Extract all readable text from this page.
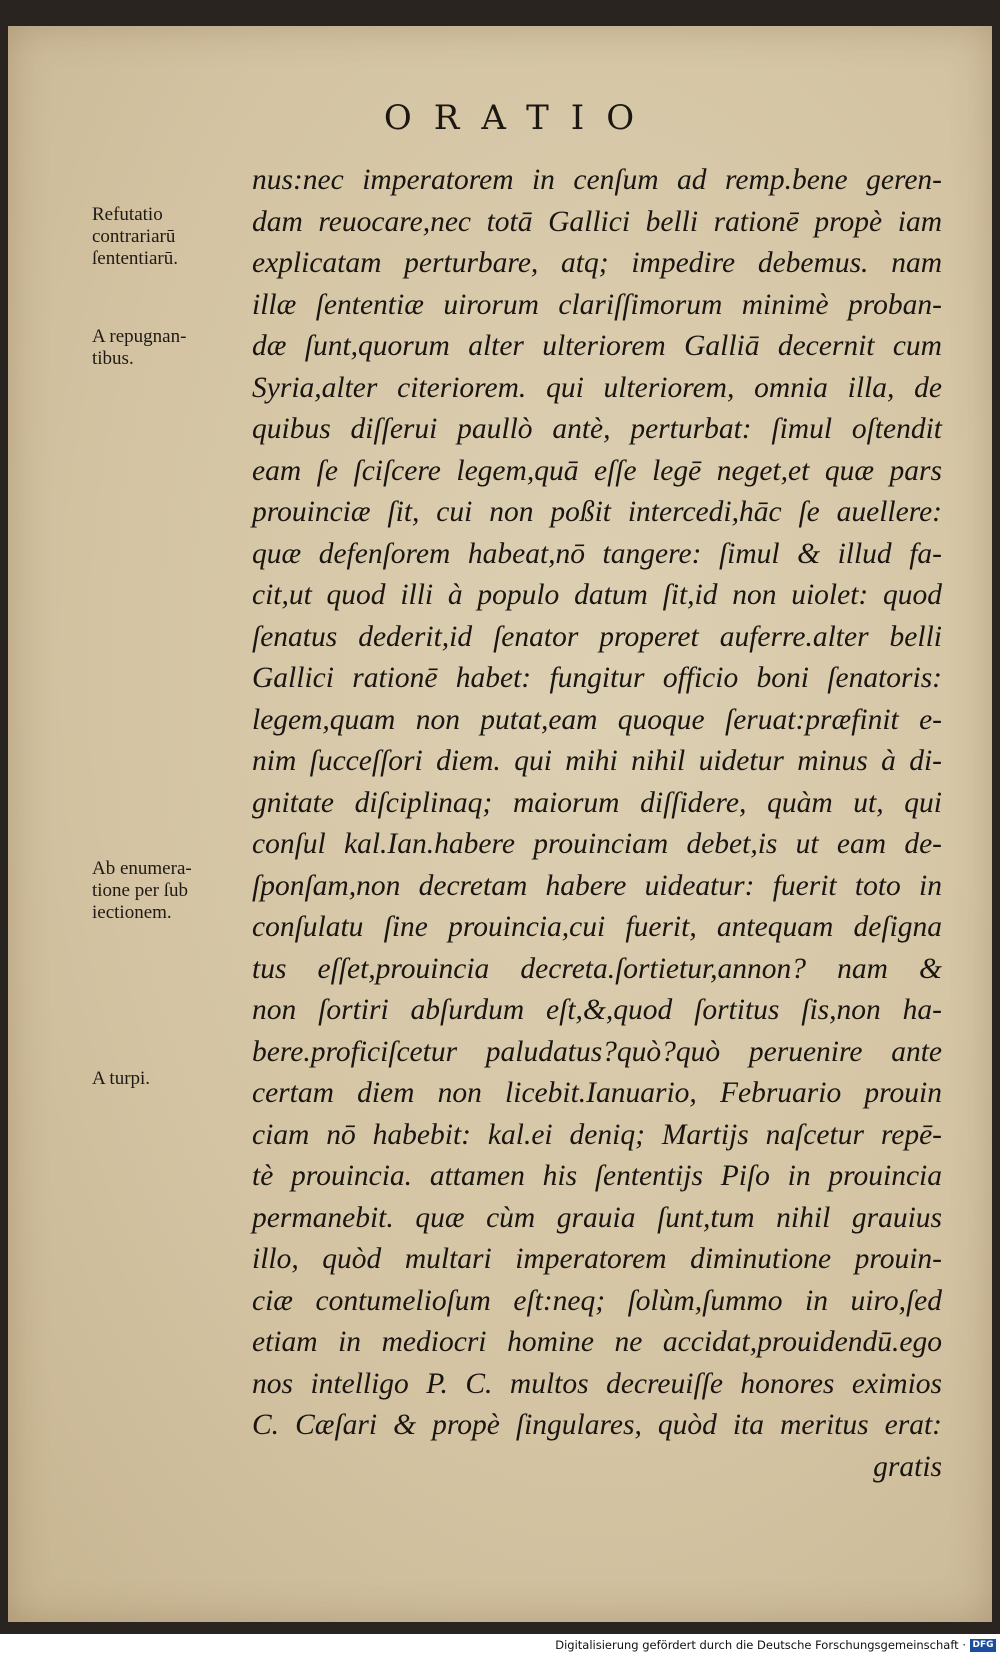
ORATIO
Refutatio
contrariarū
ſententiarū.
A repugnan-
tibus.
Ab enumera-
tione per ſub
iectionem.
A turpi.
nus:nec imperatorem in cenſum ad remp.bene geren-
dam reuocare,nec totā Gallici belli rationē propè iam
explicatam perturbare, atq; impedire debemus. nam
illæ ſententiæ uirorum clariſſimorum minimè proban-
dæ ſunt,quorum alter ulteriorem Galliā decernit cum
Syria,alter citeriorem. qui ulteriorem, omnia illa, de
quibus diſſerui paullò antè, perturbat: ſimul oſtendit
eam ſe ſciſcere legem,quā eſſe legē neget,et quæ pars
prouinciæ ſit, cui non poßit intercedi,hāc ſe auellere:
quæ defenſorem habeat,nō tangere: ſimul & illud fa-
cit,ut quod illi à populo datum ſit,id non uiolet: quod
ſenatus dederit,id ſenator properet auferre.alter belli
Gallici rationē habet: fungitur officio boni ſenatoris:
legem,quam non putat,eam quoque ſeruat:præfinit e-
nim ſucceſſori diem. qui mihi nihil uidetur minus à di-
gnitate diſciplinaq; maiorum diſſidere, quàm ut, qui
conſul kal.Ian.habere prouinciam debet,is ut eam de-
ſponſam,non decretam habere uideatur: fuerit toto in
conſulatu ſine prouincia,cui fuerit, antequam deſigna
tus eſſet,prouincia decreta.ſortietur,annon? nam &
non ſortiri abſurdum eſt,&,quod ſortitus ſis,non ha-
bere.proficiſcetur paludatus?quò?quò peruenire ante
certam diem non licebit.Ianuario, Februario prouin
ciam nō habebit: kal.ei deniq; Martijs naſcetur repē-
tè prouincia. attamen his ſententijs Piſo in prouincia
permanebit. quæ cùm grauia ſunt,tum nihil grauius
illo, quòd multari imperatorem diminutione prouin-
ciæ contumelioſum eſt:neq; ſolùm,ſummo in uiro,ſed
etiam in mediocri homine ne accidat,prouidendū.ego
nos intelligo P. C. multos decreuiſſe honores eximios
C. Cæſari & propè ſingulares, quòd ita meritus erat:
gratis
Digitalisierung gefördert durch die Deutsche Forschungsgemeinschaft · DFG
